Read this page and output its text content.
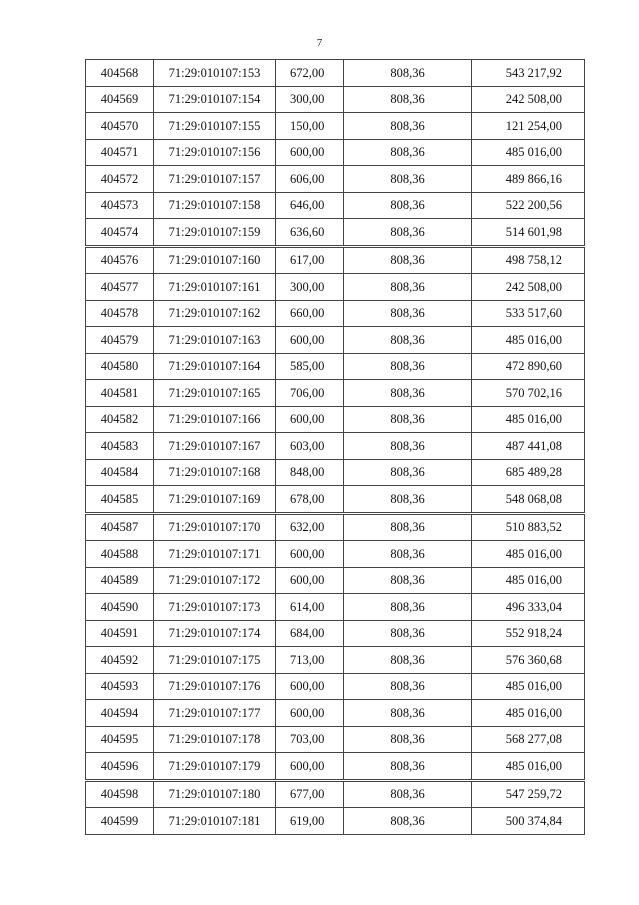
7
404568	71:29:010107:153	672,00	808,36	543 217,92
404569	71:29:010107:154	300,00	808,36	242 508,00
404570	71:29:010107:155	150,00	808,36	121 254,00
404571	71:29:010107:156	600,00	808,36	485 016,00
404572	71:29:010107:157	606,00	808,36	489 866,16
404573	71:29:010107:158	646,00	808,36	522 200,56
404574	71:29:010107:159	636,60	808,36	514 601,98
404576	71:29:010107:160	617,00	808,36	498 758,12
404577	71:29:010107:161	300,00	808,36	242 508,00
404578	71:29:010107:162	660,00	808,36	533 517,60
404579	71:29:010107:163	600,00	808,36	485 016,00
404580	71:29:010107:164	585,00	808,36	472 890,60
404581	71:29:010107:165	706,00	808,36	570 702,16
404582	71:29:010107:166	600,00	808,36	485 016,00
404583	71:29:010107:167	603,00	808,36	487 441,08
404584	71:29:010107:168	848,00	808,36	685 489,28
404585	71:29:010107:169	678,00	808,36	548 068,08
404587	71:29:010107:170	632,00	808,36	510 883,52
404588	71:29:010107:171	600,00	808,36	485 016,00
404589	71:29:010107:172	600,00	808,36	485 016,00
404590	71:29:010107:173	614,00	808,36	496 333,04
404591	71:29:010107:174	684,00	808,36	552 918,24
404592	71:29:010107:175	713,00	808,36	576 360,68
404593	71:29:010107:176	600,00	808,36	485 016,00
404594	71:29:010107:177	600,00	808,36	485 016,00
404595	71:29:010107:178	703,00	808,36	568 277,08
404596	71:29:010107:179	600,00	808,36	485 016,00
404598	71:29:010107:180	677,00	808,36	547 259,72
404599	71:29:010107:181	619,00	808,36	500 374,84
